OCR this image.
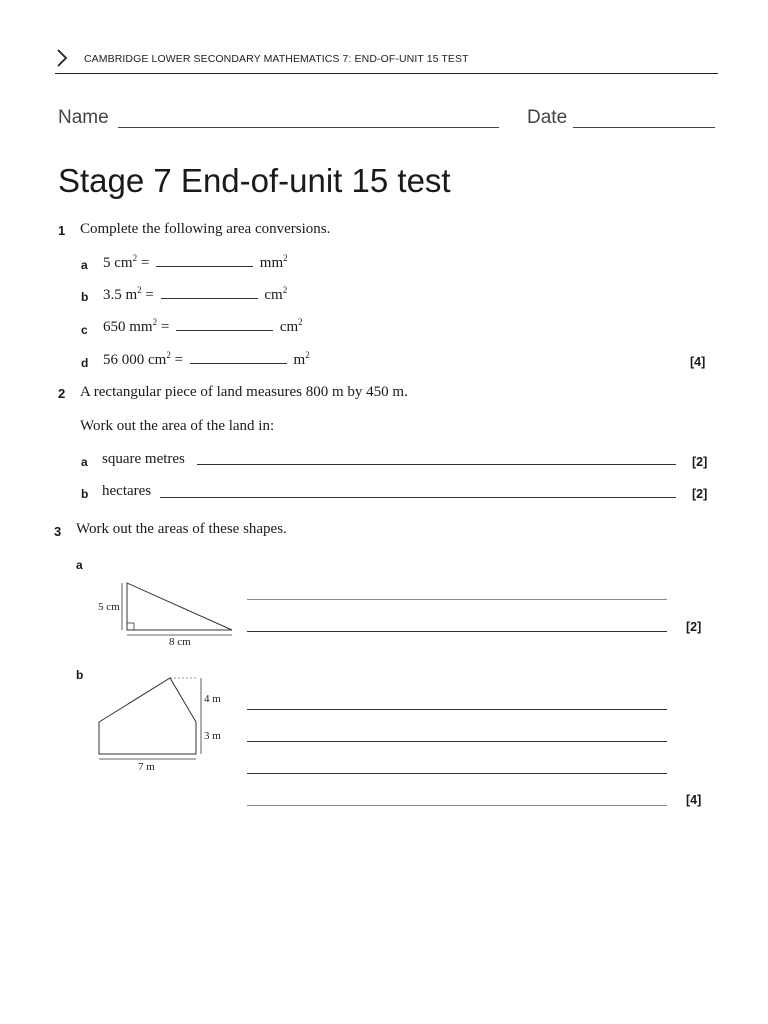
CAMBRIDGE LOWER SECONDARY MATHEMATICS 7: END-OF-UNIT 15 TEST
Name	Date
Stage 7 End-of-unit 15 test
1 Complete the following area conversions.
a 5 $cm^2$ =	$mm^2$
b 3.5 $m^2$ =	$cm^2$
c 650 $mm^2$ =	$cm^2$
d 56 000 $cm^2$ =	$m^2$	[4]
2 A rectangular piece of land measures 800 m by 450 m.
Work out the area of the land in:
a square metres	[2]
b hectares	[2]
3 Work out the areas of these shapes.
a
5 cm
8 cm
[2]
b
4 m
3 m
7 m
[4]
